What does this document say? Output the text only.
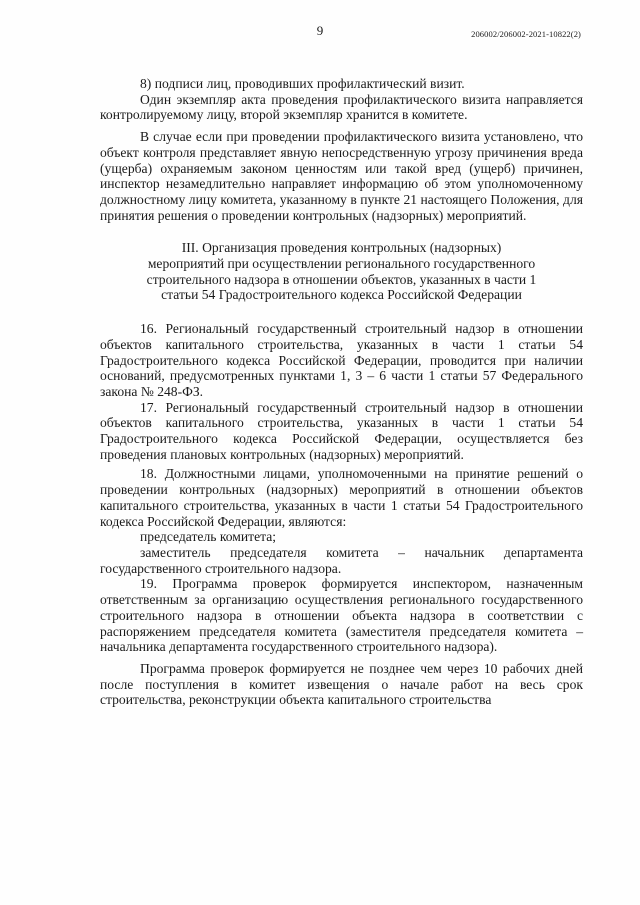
9	206002/206002-2021-10822(2)

8) подписи лиц, проводивших профилактический визит.

Один экземпляр акта проведения профилактического визита направляется контролируемому лицу, второй экземпляр хранится в комитете.

В случае если при проведении профилактического визита установлено, что объект контроля представляет явную непосредственную угрозу причинения вреда (ущерба) охраняемым законом ценностям или такой вред (ущерб) причинен, инспектор незамедлительно направляет информацию об этом уполномоченному должностному лицу комитета, указанному в пункте 21 настоящего Положения, для принятия решения о проведении контрольных (надзорных) мероприятий.

III. Организация проведения контрольных (надзорных)
мероприятий при осуществлении регионального государственного
строительного надзора в отношении объектов, указанных в части 1
статьи 54 Градостроительного кодекса Российской Федерации

16. Региональный государственный строительный надзор в отношении объектов капитального строительства, указанных в части 1 статьи 54 Градостроительного кодекса Российской Федерации, проводится при наличии оснований, предусмотренных пунктами 1, 3 – 6 части 1 статьи 57 Федерального закона № 248-ФЗ.

17. Региональный государственный строительный надзор в отношении объектов капитального строительства, указанных в части 1 статьи 54 Градостроительного кодекса Российской Федерации, осуществляется без проведения плановых контрольных (надзорных) мероприятий.

18. Должностными лицами, уполномоченными на принятие решений о проведении контрольных (надзорных) мероприятий в отношении объектов капитального строительства, указанных в части 1 статьи 54 Градостроительного кодекса Российской Федерации, являются:

председатель комитета;

заместитель председателя комитета – начальник департамента государственного строительного надзора.

19. Программа проверок формируется инспектором, назначенным ответственным за организацию осуществления регионального государственного строительного надзора в отношении объекта надзора в соответствии с распоряжением председателя комитета (заместителя председателя комитета – начальника департамента государственного строительного надзора).

Программа проверок формируется не позднее чем через 10 рабочих дней после поступления в комитет извещения о начале работ на весь срок строительства, реконструкции объекта капитального строительства
